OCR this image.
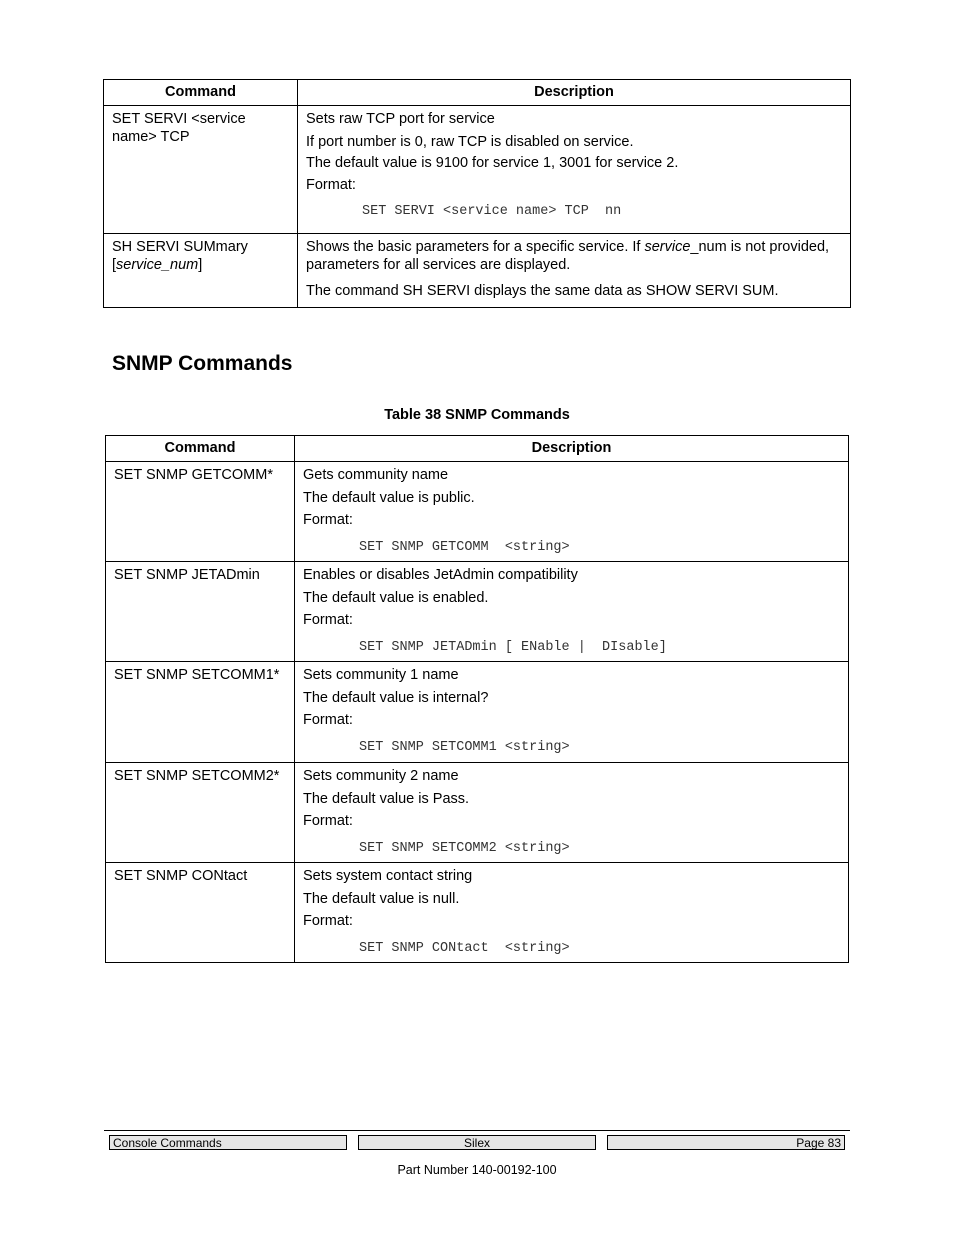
Command	Description
SET SERVI <service name> TCP	Sets raw TCP port for service

If port number is 0, raw TCP is disabled on service.

The default value is 9100 for service 1, 3001 for service 2.

Format:

SET SERVI <service name> TCP  nn

SH SERVI SUMmary [service_num]	Shows the basic parameters for a specific service. If service_num is not provided, parameters for all services are displayed.

The command SH SERVI displays the same data as SHOW SERVI SUM.

SNMP Commands
Table 38 SNMP Commands
Command	Description
SET SNMP GETCOMM*	Gets community name

The default value is public.

Format:

SET SNMP GETCOMM  <string>

SET SNMP JETADmin	Enables or disables JetAdmin compatibility

The default value is enabled.

Format:

SET SNMP JETADmin [ ENable |  DIsable]

SET SNMP SETCOMM1*	Sets community 1 name

The default value is internal?

Format:

SET SNMP SETCOMM1 <string>

SET SNMP SETCOMM2*	Sets community 2 name

The default value is Pass.

Format:

SET SNMP SETCOMM2 <string>

SET SNMP CONtact	Sets system contact string

The default value is null.

Format:

SET SNMP CONtact  <string>

Console Commands	Silex	Page 83
Part Number 140-00192-100
